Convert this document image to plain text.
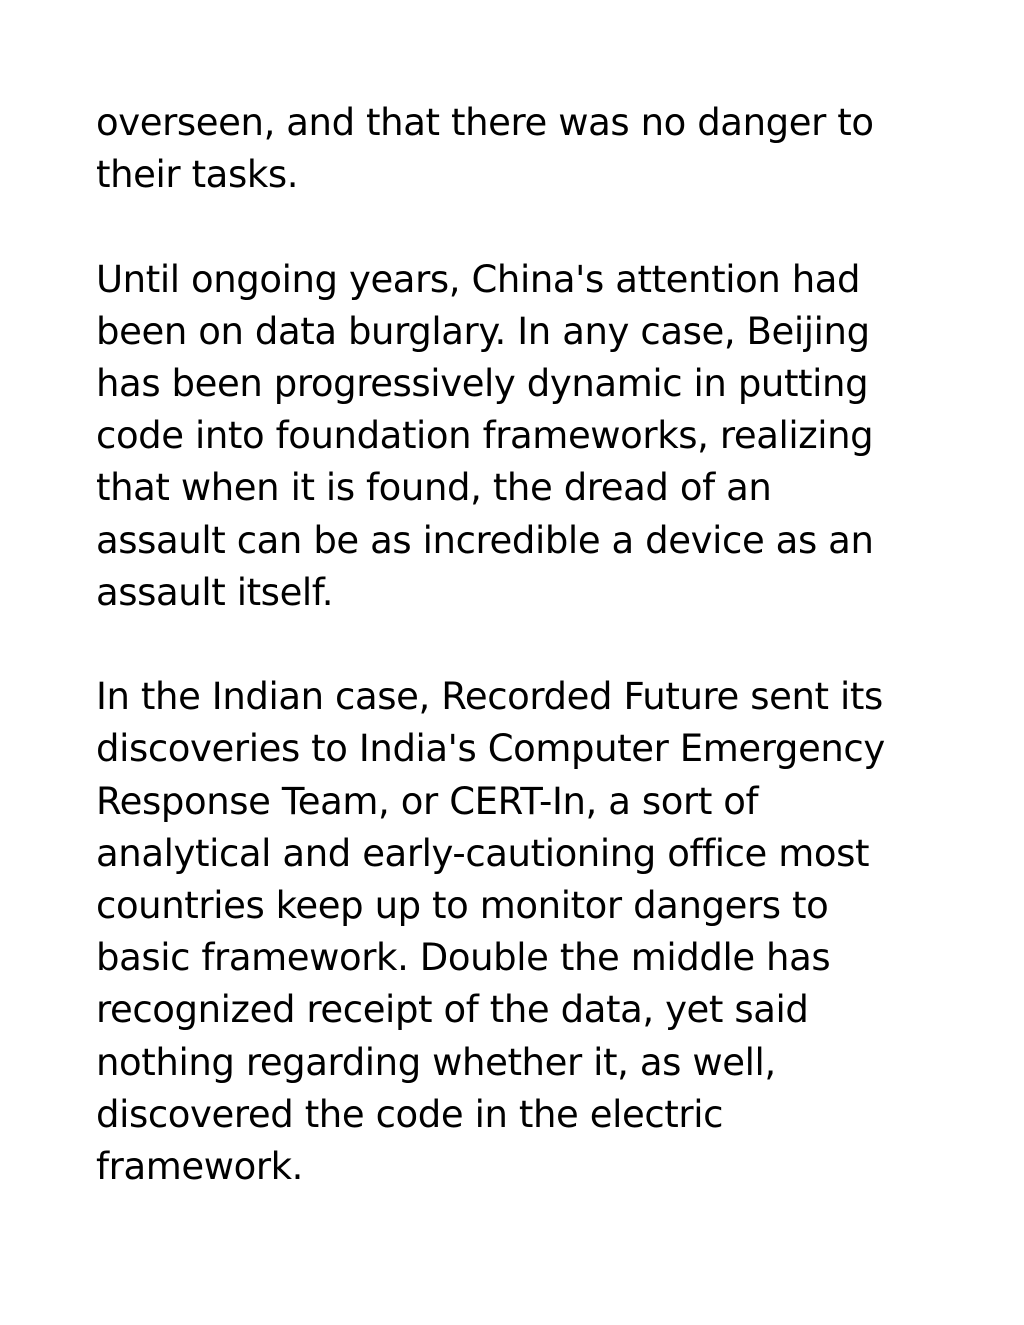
overseen, and that there was no danger to
their tasks.

Until ongoing years, China's attention had
been on data burglary. In any case, Beijing
has been progressively dynamic in putting
code into foundation frameworks, realizing
that when it is found, the dread of an
assault can be as incredible a device as an
assault itself.

In the Indian case, Recorded Future sent its
discoveries to India's Computer Emergency
Response Team, or CERT-In, a sort of
analytical and early-cautioning office most
countries keep up to monitor dangers to
basic framework. Double the middle has
recognized receipt of the data, yet said
nothing regarding whether it, as well,
discovered the code in the electric
framework.
